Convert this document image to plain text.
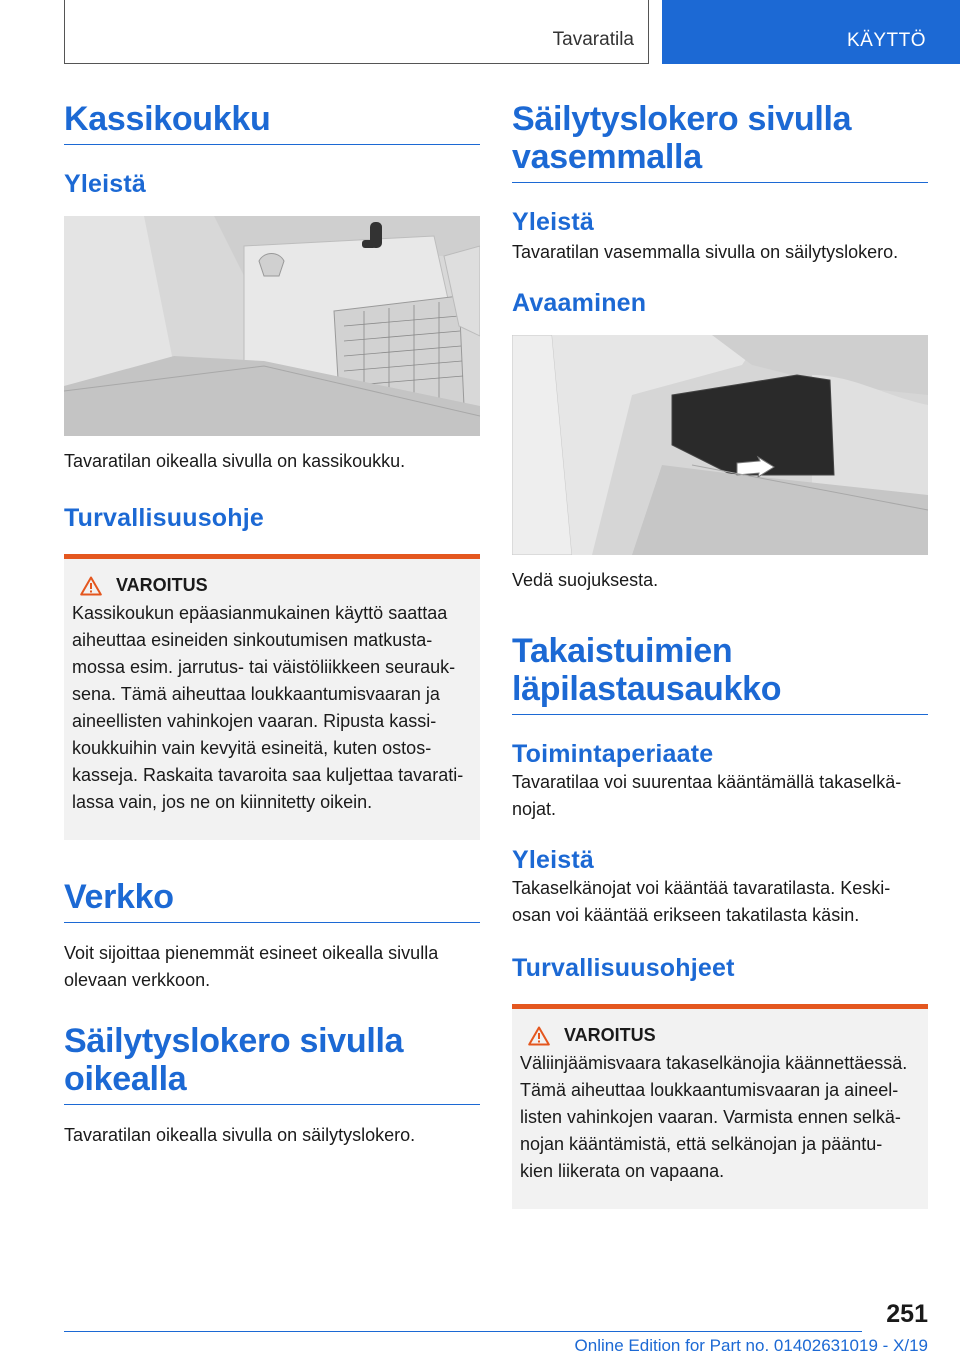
Tavaratila	KÄYTTÖ
Kassikoukku
Yleistä

Tavaratilan oikealla sivulla on kassikoukku.

Turvallisuusohje
VAROITUS

Kassikoukun epäasianmukainen käyttö saattaa

aiheuttaa esineiden sinkoutumisen matkusta-

mossa esim. jarrutus- tai väistöliikkeen seurauk-

sena. Tämä aiheuttaa loukkaantumisvaaran ja

aineellisten vahinkojen vaaran. Ripusta kassi-

koukkuihin vain kevyitä esineitä, kuten ostos-

kasseja. Raskaita tavaroita saa kuljettaa tavarati-

lassa vain, jos ne on kiinnitetty oikein.

Verkko

Voit sijoittaa pienemmät esineet oikealla sivulla

olevaan verkkoon.

Säilytyslokero sivulla
oikealla

Tavaratilan oikealla sivulla on säilytyslokero.

Säilytyslokero sivulla
vasemmalla
Yleistä

Tavaratilan vasemmalla sivulla on säilytyslokero.

Avaaminen

Vedä suojuksesta.

Takaistuimien
läpilastausaukko
Toimintaperiaate

Tavaratilaa voi suurentaa kääntämällä takaselkä-

nojat.

Yleistä

Takaselkänojat voi kääntää tavaratilasta. Keski-

osan voi kääntää erikseen takatilasta käsin.

Turvallisuusohjeet
VAROITUS

Väliinjäämisvaara takaselkänojia käännettäessä.

Tämä aiheuttaa loukkaantumisvaaran ja aineel-

listen vahinkojen vaaran. Varmista ennen selkä-

nojan kääntämistä, että selkänojan ja pääntu-

kien liikerata on vapaana.

251
Online Edition for Part no. 01402631019 - X/19
